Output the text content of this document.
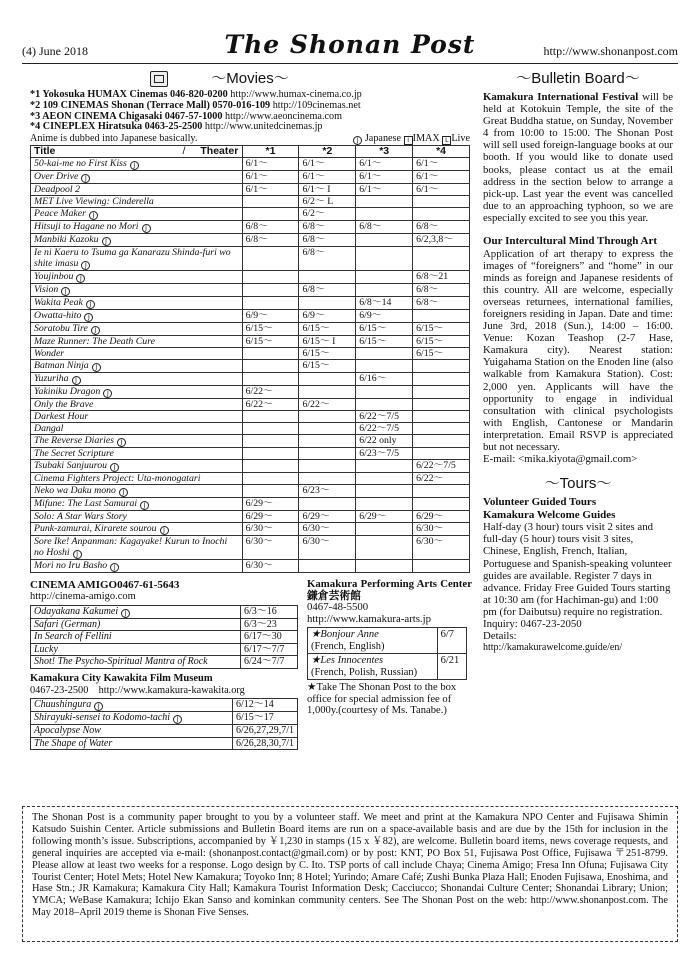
(4) June 2018	The Shonan Post	http://www.shonanpost.com
～Movies～
*1 Yokosuka HUMAX Cinemas 046-820-0200 http://www.humax-cinema.co.jp
*2 109 CINEMAS Shonan (Terrace Mall) 0570-016-109 http://109cinemas.net
*3 AEON CINEMA Chigasaki 0467-57-1000 http://www.aeoncinema.com
*4 CINEPLEX Hiratsuka 0463-25-2500 http://www.unitedcinemas.jp
Anime is dubbed into Japanese basically.	J Japanese I IMAX L Live
Title / Theater	*1	*2	*3	*4
50-kai-me no First Kiss J	6/1～	6/1～	6/1～	6/1～
Over Drive J	6/1～	6/1～	6/1～	6/1～
Deadpool 2	6/1～	6/1～ I	6/1～	6/1～
MET Live Viewing: Cinderella		6/2～ L		
Peace Maker J		6/2～		
Hitsuji to Hagane no Mori J	6/8～	6/8～	6/8～	6/8～
Manbiki Kazoku J	6/8～	6/8～		6/2,3,8～
Ie ni Kaeru to Tsuma ga Kanarazu Shinda-furi wo shite imasu J		6/8～		
Youjinbou J				6/8～21
Vision J		6/8～		6/8～
Wakita Peak J			6/8～14	6/8～
Owatta-hito J	6/9～	6/9～	6/9～	
Soratobu Tire J	6/15～	6/15～	6/15～	6/15～
Maze Runner: The Death Cure	6/15～	6/15～ I	6/15～	6/15～
Wonder		6/15～		6/15～
Batman Ninja J		6/15～		
Yuzuriha J			6/16～	
Yakiniku Dragon J	6/22～			
Only the Brave	6/22～	6/22～		
Darkest Hour			6/22～7/5	
Dangal			6/22～7/5	
The Reverse Diaries J			6/22 only	
The Secret Scripture			6/23～7/5	
Tsubaki Sanjuurou J				6/22～7/5
Cinema Fighters Project: Uta-monogatari				6/22～
Neko wa Daku mono J		6/23～		
Mifune: The Last Samurai J	6/29～			
Solo: A Star Wars Story	6/29～	6/29～	6/29～	6/29～
Punk-zamurai, Kirarete sourou J	6/30～	6/30～		6/30～
Sore Ike! Anpanman: Kagayake! Kurun to Inochi no Hoshi J	6/30～	6/30～		6/30～
Mori no Iru Basho J	6/30～			
CINEMA AMIGO0467-61-5643
http://cinema-amigo.com
Odayakana Kakumei J	6/3～16
Safari (German)	6/3～23
In Search of Fellini	6/17～30
Lucky	6/17～7/7
Shot! The Psycho-Spiritual Mantra of Rock	6/24～7/7
Kamakura City Kawakita Film Museum
0467-23-2500 http://www.kamakura-kawakita.org
Chuushingura J	6/12～14
Shirayuki-sensei to Kodomo-tachi J	6/15～17
Apocalypse Now	6/26,27,29,7/1
The Shape of Water	6/26,28,30,7/1
Kamakura Performing Arts Center 鎌倉芸術館
0467-48-5500
http://www.kamakura-arts.jp
★Bonjour Anne
(French, English)	6/7

★Les Innocentes
(French, Polish, Russian)	6/21
★Take The Shonan Post to the box office for special admission fee of 1,000y.(courtesy of Ms. Tanabe.)
～Bulletin Board～
Kamakura International Festival will be held at Kotokuin Temple, the site of the Great Buddha statue, on Sunday, November 4 from 10:00 to 15:00. The Shonan Post will sell used foreign-language books at our booth. If you would like to donate used books, please contact us at the email address in the section below to arrange a pick-up. Last year the event was cancelled due to an approaching typhoon, so we are especially excited to see you this year.
Our Intercultural Mind Through Art
Application of art therapy to express the images of “foreigners” and “home” in our minds as foreign and Japanese residents of this country. All are welcome, especially overseas returnees, international families, foreigners residing in Japan. Date and time: June 3rd, 2018 (Sun.), 14:00 – 16:00. Venue: Kozan Teashop (2-7 Hase, Kamakura city). Nearest station: Yuigahama Station on the Enoden line (also walkable from Kamakura Station). Cost: 2,000 yen. Applicants will have the opportunity to engage in individual consultation with clinical psychologists with English, Cantonese or Mandarin interpretation. Email RSVP is appreciated but not necessary.
E-mail: <mika.kiyota@gmail.com>
～Tours～
Volunteer Guided Tours
Kamakura Welcome Guides
Half-day (3 hour) tours visit 2 sites and full-day (5 hour) tours visit 3 sites, Chinese, English, French, Italian, Portuguese and Spanish-speaking volunteer guides are available. Register 7 days in advance. Friday Free Guided Tours starting at 10:30 am (for Hachiman-gu) and 1:00 pm (for Daibutsu) require no registration. Inquiry: 0467-23-2050
Details:
http://kamakurawelcome.guide/en/
The Shonan Post is a community paper brought to you by a volunteer staff. We meet and print at the Kamakura NPO Center and Fujisawa Shimin Katsudo Suishin Center. Article submissions and Bulletin Board items are run on a space-available basis and are due by the 15th for inclusion in the following month’s issue. Subscriptions, accompanied by ￥1,230 in stamps (15 x ￥82), are welcome. Bulletin board items, news coverage requests, and general inquiries are accepted via e-mail: (shonanpost.contact@gmail.com) or by post: KNT, PO Box 51, Fujisawa Post Office, Fujisawa 〒251-8799. Please allow at least two weeks for a response. Logo design by C. Ito. TSP ports of call include Chaya; Cinema Amigo; Fresa Inn Ofuna; Fujisawa City Tourist Center; Hotel Mets; Hotel New Kamakura; Toyoko Inn; 8 Hotel; Yurindo; Amare Café; Zushi Bunka Plaza Hall; Enoden Fujisawa, Enoshima, and Hase Stn.; JR Kamakura; Kamakura City Hall; Kamakura Tourist Information Desk; Cacciucco; Shonandai Culture Center; Shonandai Library; Union; YMCA; WeBase Kamakura; Ichijo Ekan Sanso and kominkan community centers. See The Shonan Post on the web: http://www.shonanpost.com. The May 2018–April 2019 theme is Shonan Five Senses.
